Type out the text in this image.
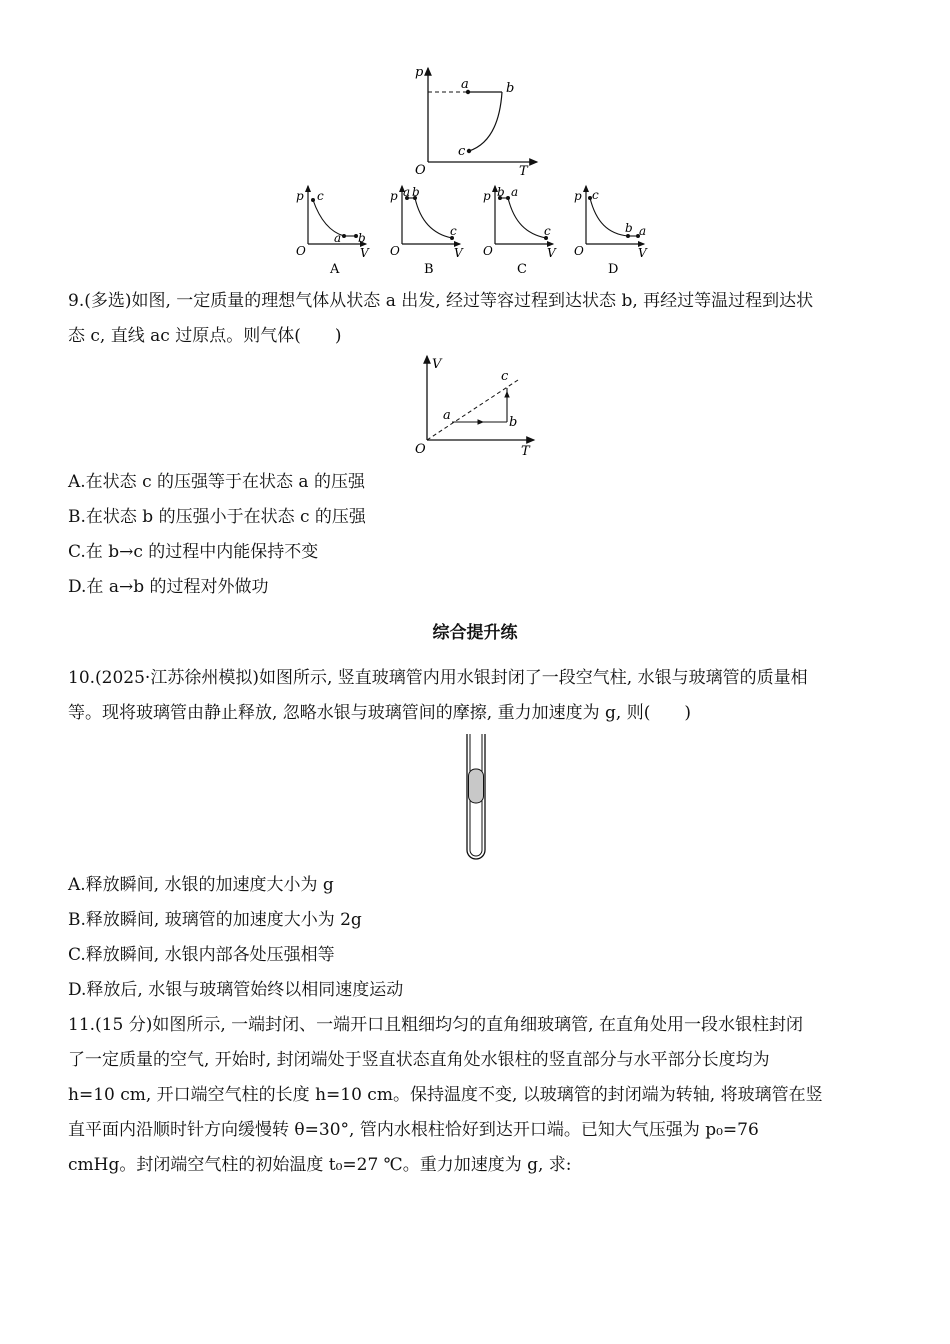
p
a	b
c
O	T
p c
a b
O	V
A
p a b
c
O	V
B
p b a
c
O	V
C
p c
b a
O	V
D
9.(多选)如图, 一定质量的理想气体从状态 a 出发, 经过等容过程到达状态 b, 再经过等温过程到达状
态 c, 直线 ac 过原点。则气体(　　)
V
c
a	b
O	T
A.在状态 c 的压强等于在状态 a 的压强
B.在状态 b 的压强小于在状态 c 的压强
C.在 b→c 的过程中内能保持不变
D.在 a→b 的过程对外做功
综合提升练
10.(2025·江苏徐州模拟)如图所示, 竖直玻璃管内用水银封闭了一段空气柱, 水银与玻璃管的质量相
等。现将玻璃管由静止释放, 忽略水银与玻璃管间的摩擦, 重力加速度为 g, 则(　　)
A.释放瞬间, 水银的加速度大小为 g
B.释放瞬间, 玻璃管的加速度大小为 2g
C.释放瞬间, 水银内部各处压强相等
D.释放后, 水银与玻璃管始终以相同速度运动
11.(15 分)如图所示, 一端封闭、一端开口且粗细均匀的直角细玻璃管, 在直角处用一段水银柱封闭
了一定质量的空气, 开始时, 封闭端处于竖直状态直角处水银柱的竖直部分与水平部分长度均为
h=10 cm, 开口端空气柱的长度 h=10 cm。保持温度不变, 以玻璃管的封闭端为转轴, 将玻璃管在竖
直平面内沿顺时针方向缓慢转 θ=30°, 管内水根柱恰好到达开口端。已知大气压强为 p₀=76
cmHg。封闭端空气柱的初始温度 t₀=27 ℃。重力加速度为 g, 求:
